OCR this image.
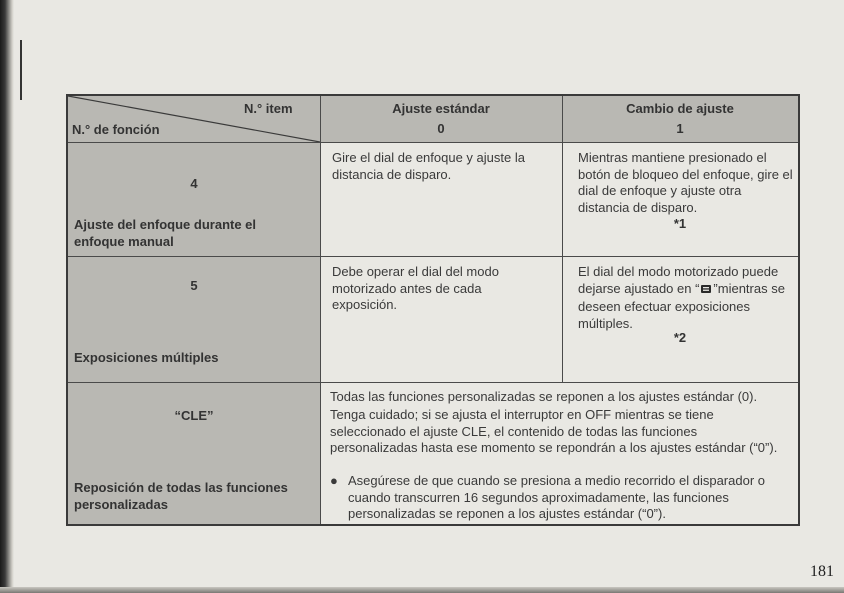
N.° item
N.° de fonción
Ajuste estándar
0
Cambio de ajuste
1
4
Ajuste del enfoque durante el enfoque manual
Gire el dial de enfoque y ajuste la distancia de disparo.
Mientras mantiene presionado el botón de bloqueo del enfoque, gire el dial de enfoque y ajuste otra distancia de disparo.
*1
5
Exposiciones múltiples
Debe operar el dial del modo motorizado antes de cada exposición.
El dial del modo motorizado puede dejarse ajustado en “ ”mientras se deseen efectuar exposiciones múltiples.
*2
“CLE”
Reposición de todas las funciones personalizadas
Todas las funciones personalizadas se reponen a los ajustes estándar (0).
Tenga cuidado; si se ajusta el interruptor en OFF mientras se tiene seleccionado el ajuste CLE, el contenido de todas las funciones personalizadas hasta ese momento se repondrán a los ajustes estándar (“0”).
● Asegúrese de que cuando se presiona a medio recorrido el disparador o cuando transcurren 16 segundos aproximadamente, las funciones personalizadas se reponen a los ajustes estándar (“0”).
181
